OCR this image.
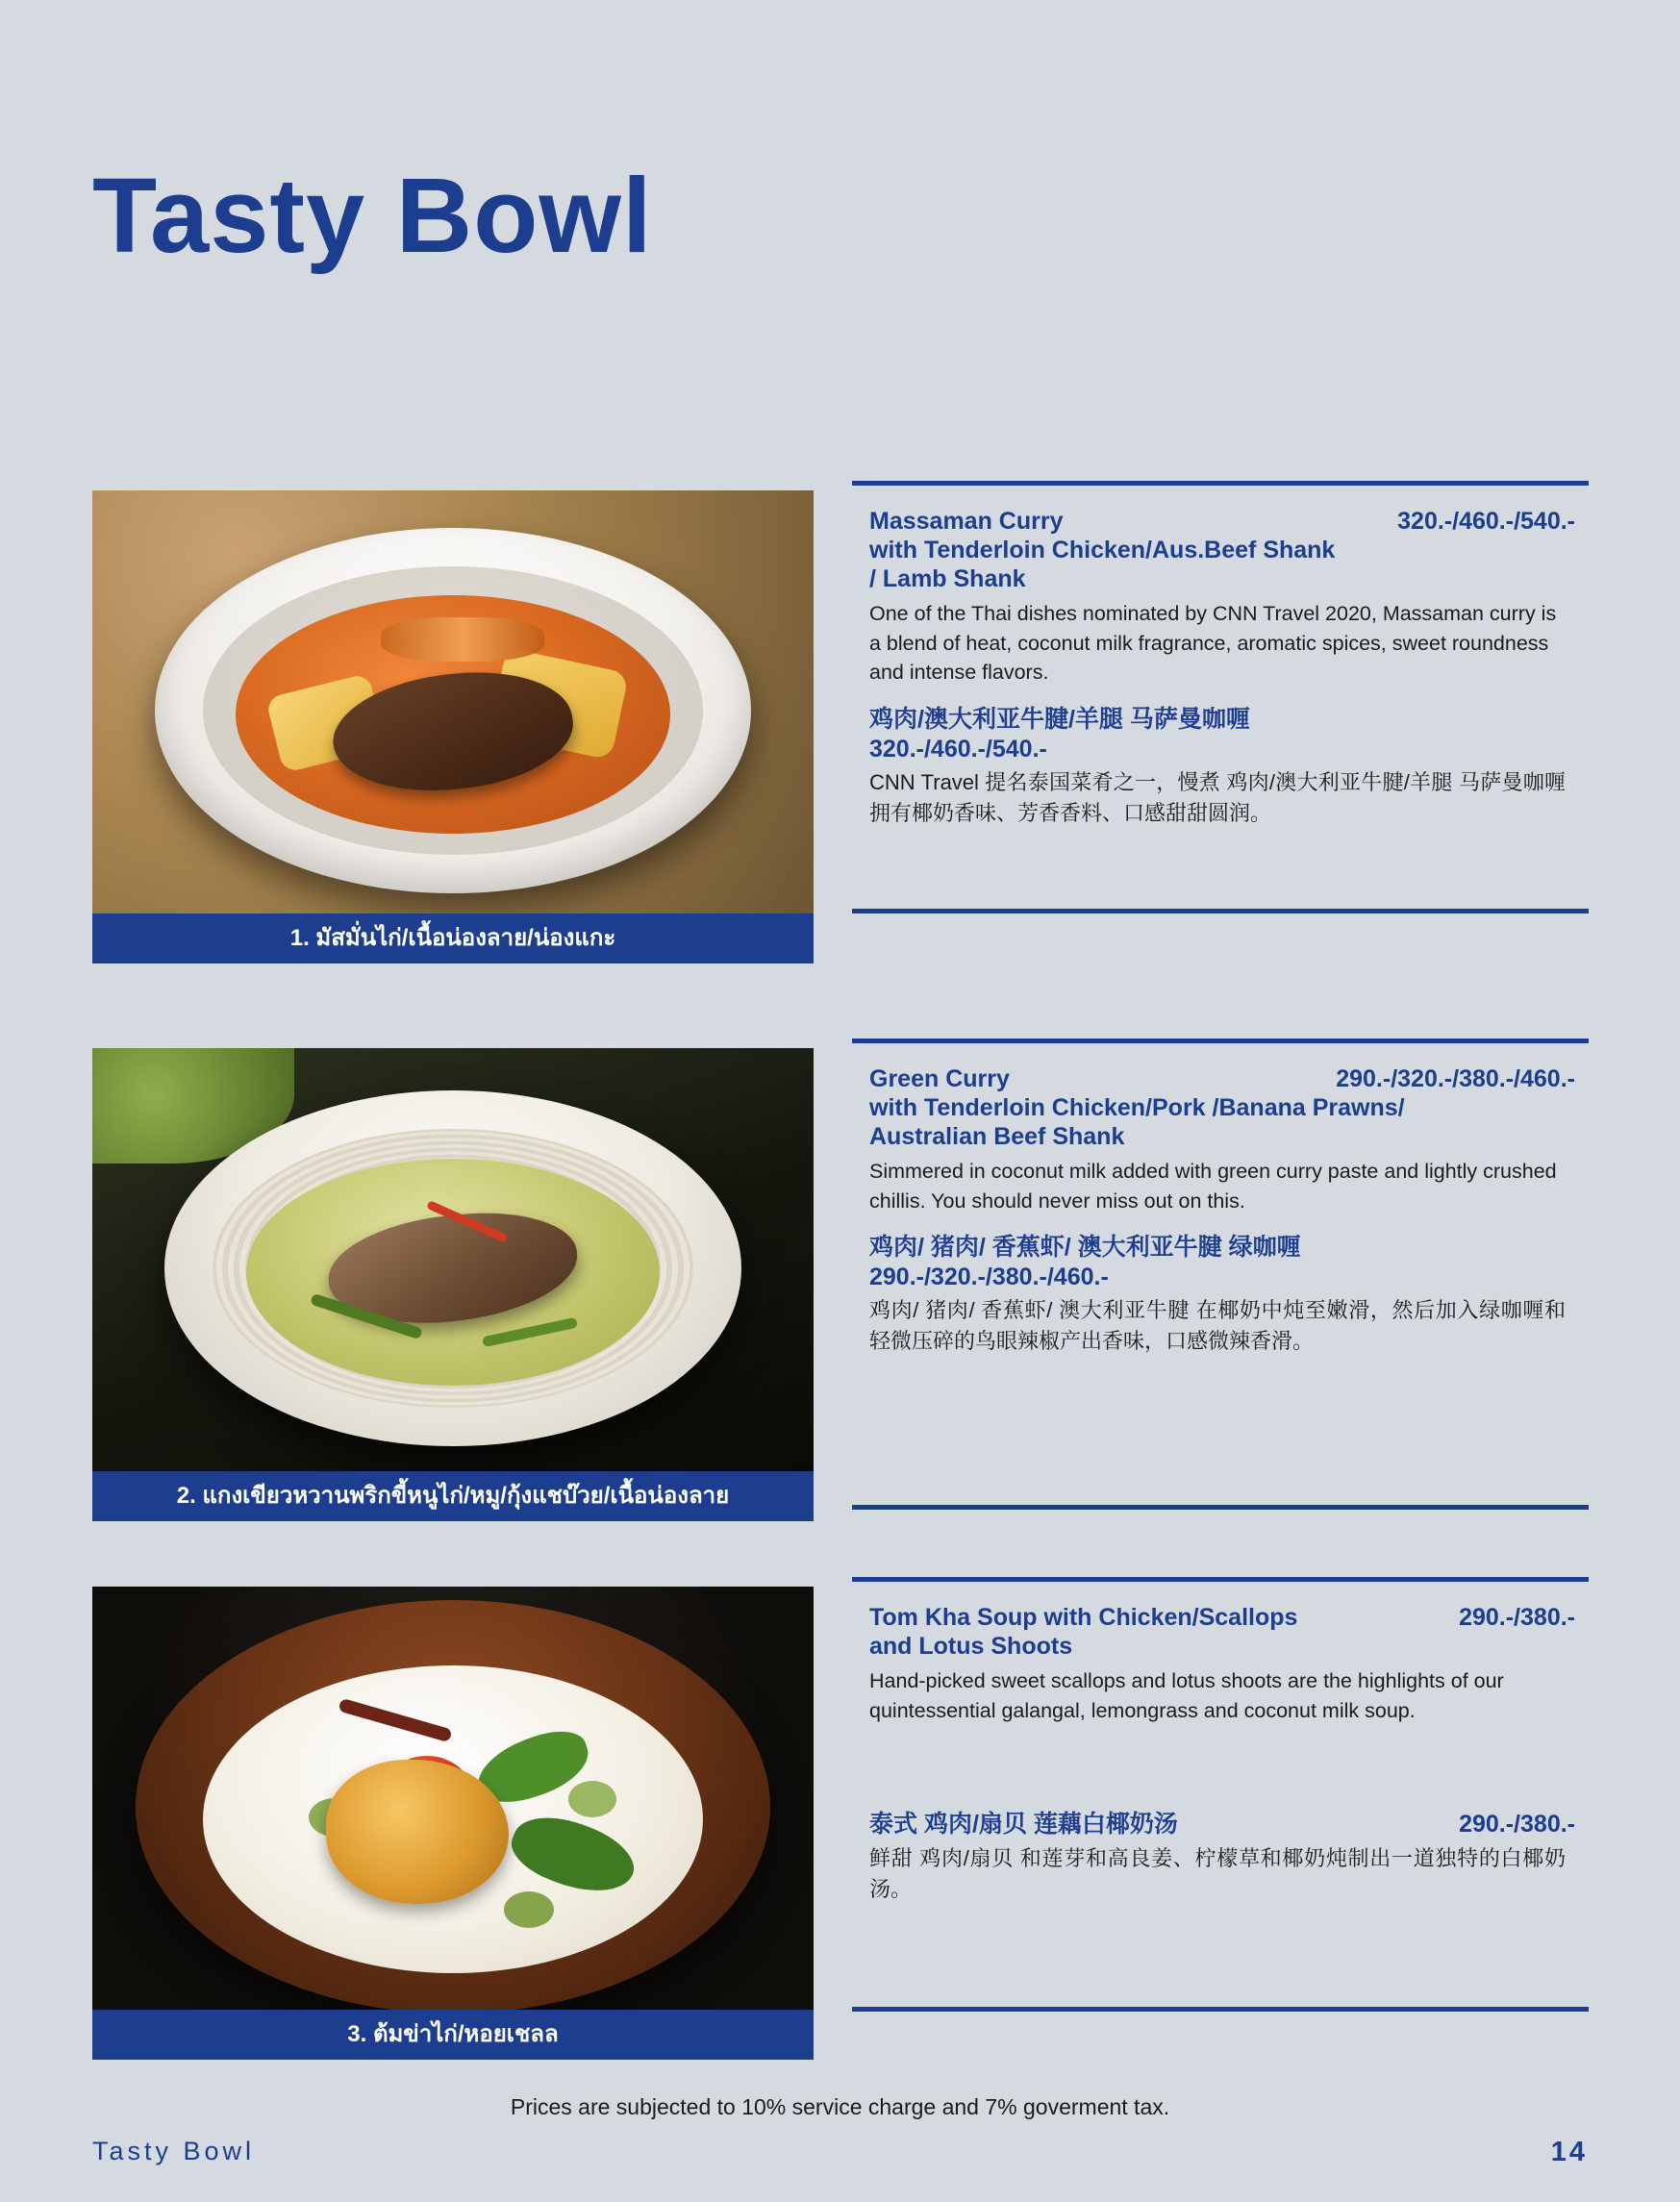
Tasty Bowl
1. มัสมั่นไก่/เนื้อน่องลาย/น่องแกะ
320.-/460.-/540.-
Massaman Curry
with Tenderloin Chicken/Aus.Beef Shank
/ Lamb Shank
One of the Thai dishes nominated by CNN Travel 2020, Massaman curry is a blend of heat, coconut milk fragrance, aromatic spices, sweet roundness and intense flavors.
鸡肉/澳大利亚牛腱/羊腿 马萨曼咖喱
320.-/460.-/540.-
CNN Travel 提名泰国菜肴之一，慢煮 鸡肉/澳大利亚牛腱/羊腿 马萨曼咖喱拥有椰奶香味、芳香香料、口感甜甜圆润。
2. แกงเขียวหวานพริกขี้หนูไก่/หมู/กุ้งแชบ๊วย/เนื้อน่องลาย
290.-/320.-/380.-/460.-
Green Curry
with Tenderloin Chicken/Pork /Banana Prawns/
Australian Beef Shank
Simmered in coconut milk added with green curry paste and lightly crushed chillis. You should never miss out on this.
鸡肉/ 猪肉/ 香蕉虾/ 澳大利亚牛腱 绿咖喱
290.-/320.-/380.-/460.-
鸡肉/ 猪肉/ 香蕉虾/ 澳大利亚牛腱 在椰奶中炖至嫩滑，然后加入绿咖喱和轻微压碎的鸟眼辣椒产出香味，口感微辣香滑。
3. ต้มข่าไก่/หอยเชลล
290.-/380.-
Tom Kha Soup with Chicken/Scallops
and Lotus Shoots
Hand-picked sweet scallops and lotus shoots are the highlights of our quintessential galangal, lemongrass and coconut milk soup.
290.-/380.-
泰式 鸡肉/扇贝 莲藕白椰奶汤
鲜甜 鸡肉/扇贝 和莲芽和高良姜、柠檬草和椰奶炖制出一道独特的白椰奶汤。
Prices are subjected to 10% service charge and 7% goverment tax.
Tasty Bowl	14
